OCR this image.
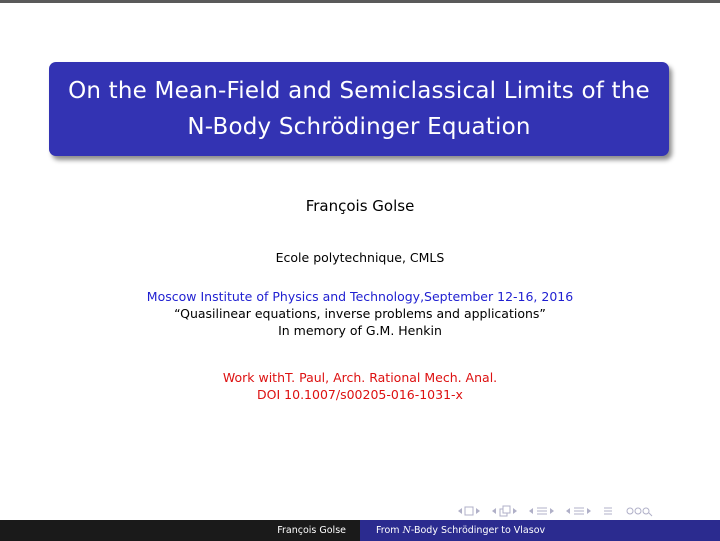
On the Mean-Field and Semiclassical Limits of the
N-Body Schrödinger Equation
François Golse
Ecole polytechnique, CMLS
Moscow Institute of Physics and Technology,September 12-16, 2016
“Quasilinear equations, inverse problems and applications”
In memory of G.M. Henkin
Work withT. Paul, Arch. Rational Mech. Anal.
DOI 10.1007/s00205-016-1031-x
François Golse	From N -Body Schrödinger to Vlasov
